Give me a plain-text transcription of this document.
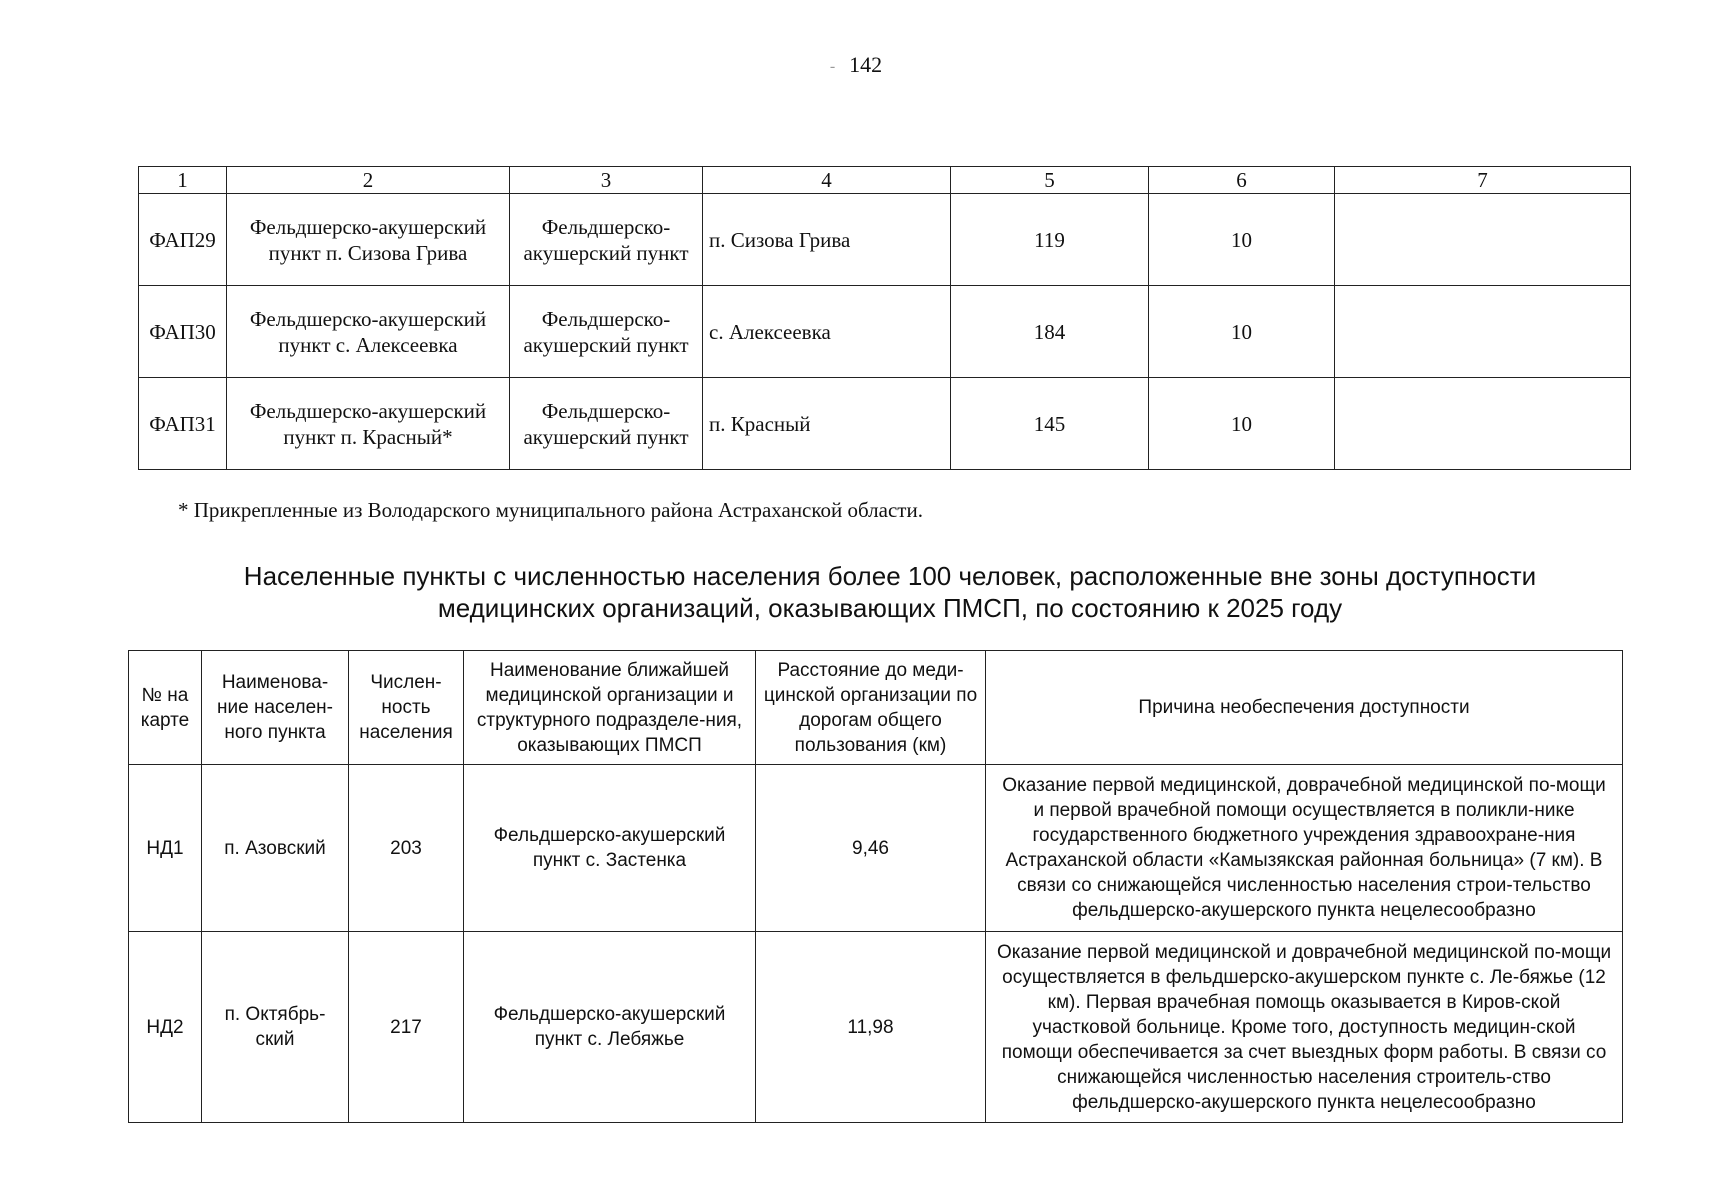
- 142
1	2	3	4	5	6	7
ФАП29	Фельдшерско-акушерский пункт п. Сизова Грива	Фельдшерско-акушерский пункт	п. Сизова Грива	119	10	
ФАП30	Фельдшерско-акушерский пункт с. Алексеевка	Фельдшерско-акушерский пункт	с. Алексеевка	184	10	
ФАП31	Фельдшерско-акушерский пункт п. Красный*	Фельдшерско-акушерский пункт	п. Красный	145	10	
* Прикрепленные из Володарского муниципального района Астраханской области.
Населенные пункты с численностью населения более 100 человек, расположенные вне зоны доступности
медицинских организаций, оказывающих ПМСП, по состоянию к 2025 году
№ на карте	Наименова-ние населен-ного пункта	Числен-ность населения	Наименование ближайшей медицинской организации и структурного подразделе-ния, оказывающих ПМСП	Расстояние до меди-цинской организации по дорогам общего пользования (км)	Причина необеспечения доступности
НД1	п. Азовский	203	Фельдшерско-акушерский пункт с. Застенка	9,46	Оказание первой медицинской, доврачебной медицинской по-мощи и первой врачебной помощи осуществляется в поликли-нике государственного бюджетного учреждения здравоохране-ния Астраханской области «Камызякская районная больница» (7 км). В связи со снижающейся численностью населения строи-тельство фельдшерско-акушерского пункта нецелесообразно
НД2	п. Октябрь-ский	217	Фельдшерско-акушерский пункт с. Лебяжье	11,98	Оказание первой медицинской и доврачебной медицинской по-мощи осуществляется в фельдшерско-акушерском пункте с. Ле-бяжье (12 км). Первая врачебная помощь оказывается в Киров-ской участковой больнице. Кроме того, доступность медицин-ской помощи обеспечивается за счет выездных форм работы. В связи со снижающейся численностью населения строитель-ство фельдшерско-акушерского пункта нецелесообразно
